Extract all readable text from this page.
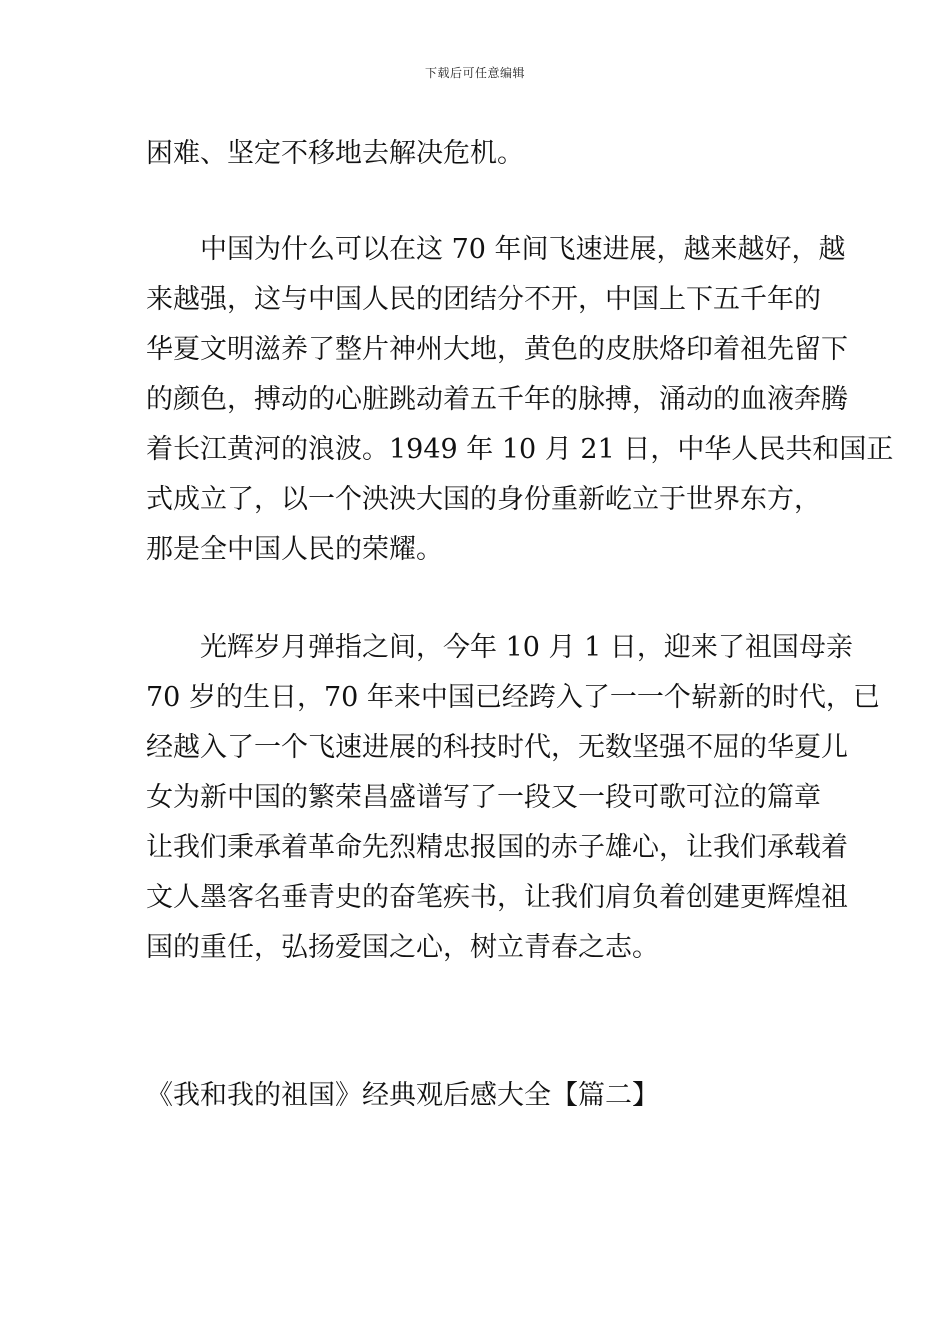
下载后可任意编辑
困难、坚定不移地去解决危机。
中国为什么可以在这 70 年间飞速进展，越来越好，越
来越强，这与中国人民的团结分不开，中国上下五千年的
华夏文明滋养了整片神州大地，黄色的皮肤烙印着祖先留下
的颜色，搏动的心脏跳动着五千年的脉搏，涌动的血液奔腾
着长江黄河的浪波。1949 年 10 月 21 日，中华人民共和国正
式成立了，以一个泱泱大国的身份重新屹立于世界东方，
那是全中国人民的荣耀。
光辉岁月弹指之间，今年 10 月 1 日，迎来了祖国母亲
70 岁的生日，70 年来中国已经跨入了一一个崭新的时代，已
经越入了一个飞速进展的科技时代，无数坚强不屈的华夏儿
女为新中国的繁荣昌盛谱写了一段又一段可歌可泣的篇章
让我们秉承着革命先烈精忠报国的赤子雄心，让我们承载着
文人墨客名垂青史的奋笔疾书，让我们肩负着创建更辉煌祖
国的重任，弘扬爱国之心，树立青春之志。
《我和我的祖国》经典观后感大全【篇二】
